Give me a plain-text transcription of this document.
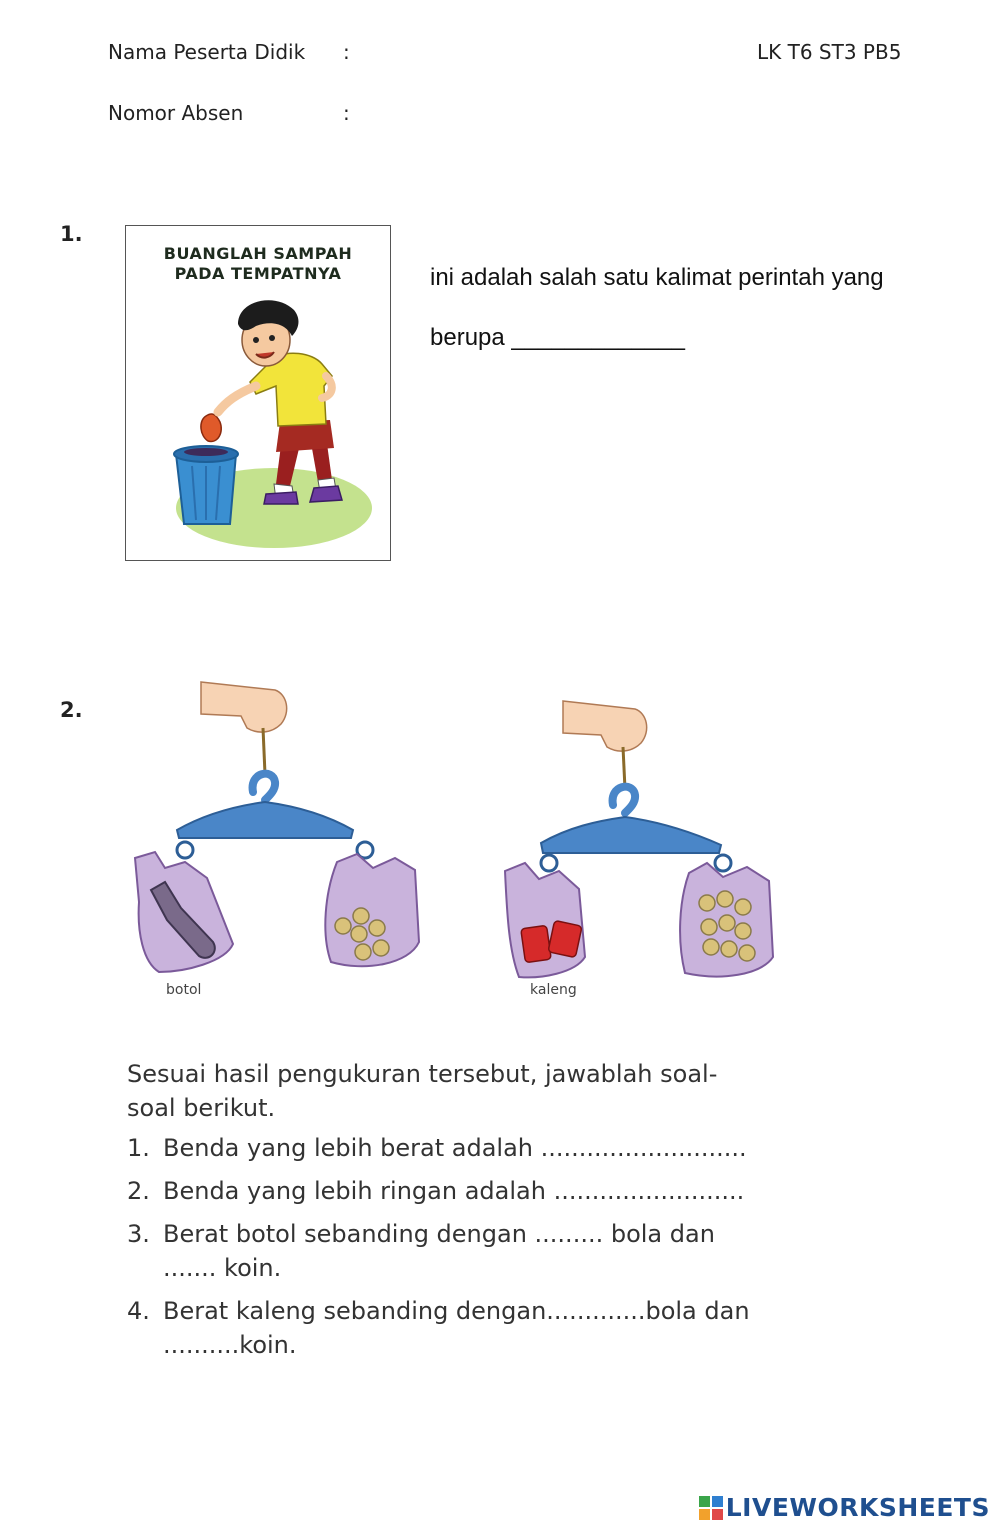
Nama Peserta Didik :	LK T6 ST3 PB5
Nomor Absen	:
1.
BUANGLAH SAMPAH
PADA TEMPATNYA	ini adalah salah satu kalimat perintah yang
berupa _____________
2.
botol	kaleng
Sesuai hasil pengukuran tersebut, jawablah soal-
soal berikut.
1. Benda yang lebih berat adalah ...........................
2. Benda yang lebih ringan adalah .........................
3. Berat botol sebanding dengan ......... bola dan
....... koin.
4. Berat kaleng sebanding dengan.............bola dan
..........koin.
LIVEWORKSHEETS
